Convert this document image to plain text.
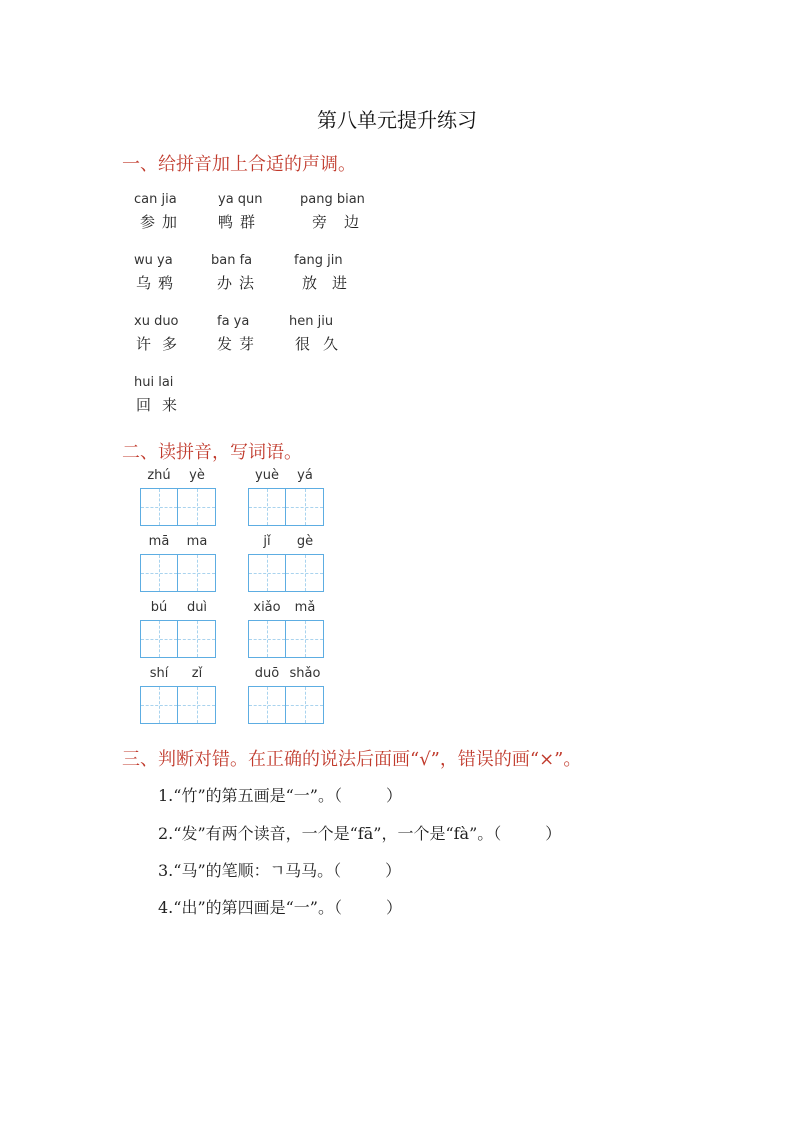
第八单元提升练习
一、给拼音加上合适的声调。
can jia
参 加
ya qun
鸭 群
pang bian
旁 边
wu ya
乌 鸦
ban fa
办 法
fang jin
放 进
xu duo
许 多
fa ya
发 芽
hen jiu
很 久
hui lai
回 来
二、读拼音，写词语。
zhú	yè	yuè	yá
mā	ma	jǐ	gè
bú	duì	xiǎo	mǎ
shí	zǐ	duō shǎo
三、判断对错。在正确的说法后面画“√”，错误的画“×”。
1.“竹”的第五画是“一”。（	）
2.“发”有两个读音，一个是“fā”，一个是“fà”。（	）
3.“马”的笔顺：ㄱ马马。（	）
4.“出”的第四画是“一”。（	）
